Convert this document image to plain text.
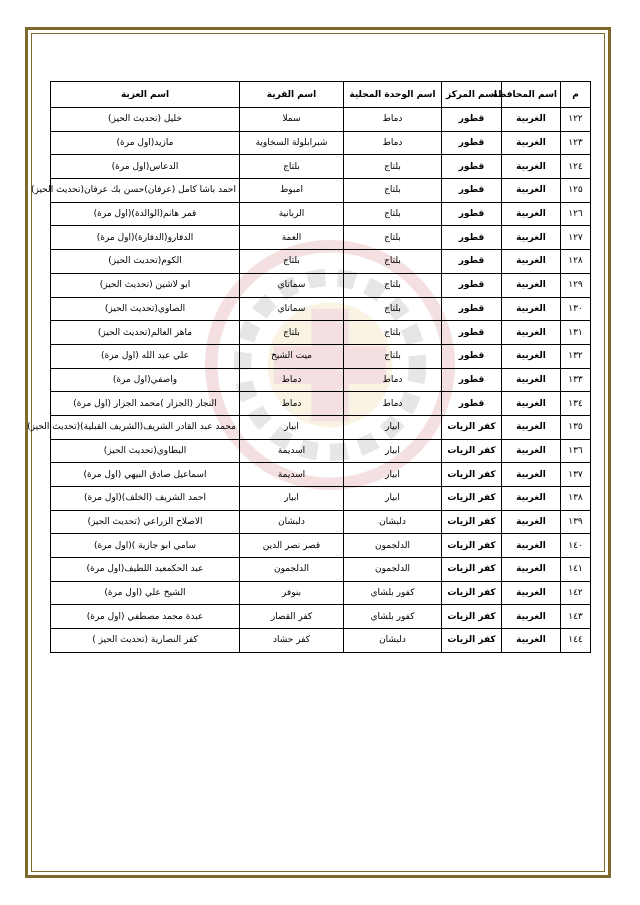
م	اسم المحافظة	اسم المركز	اسم الوحدة المحلية	اسم القرية	اسم العزبة
١٢٢	الغربية	قطور	دماط	سملا	خليل (تحديث الحيز)
١٢٣	الغربية	قطور	دماط	شبرابلولة السخاوية	مازيد(اول مرة)
١٢٤	الغربية	قطور	بلتاج	بلتاج	الدعاس(اول مرة)
١٢٥	الغربية	قطور	بلتاج	امبوط	احمد باشا كامل (عرفان)حسن بك عرفان(تحديث الحيز)
١٢٦	الغربية	قطور	بلتاج	الربانية	قمر هانم(الوالدة)(اول مرة)
١٢٧	الغربية	قطور	بلتاج	العمة	الدفارو(الدفارة)(اول مرة)
١٢٨	الغربية	قطور	بلتاج	بلتاج	الكوم(تحديث الحيز)
١٢٩	الغربية	قطور	بلتاج	سماتاي	ابو لاشين (تحديث الحيز)
١٣٠	الغربية	قطور	بلتاج	سماتاي	الصاوي(تحديث الحيز)
١٣١	الغربية	قطور	بلتاج	بلتاج	ماهر العالم(تحديث الحيز)
١٣٢	الغربية	قطور	بلتاج	ميت الشيخ	علي عبد الله (اول مرة)
١٣٣	الغربية	قطور	دماط	دماط	واصفي(اول مرة)
١٣٤	الغربية	قطور	دماط	دماط	النجار (الجزار )محمد الجزار (اول مرة)
١٣٥	الغربية	كفر الزيات	ابيار	ابيار	محمد عبد القادر الشريف(الشريف القبلية)(تحديث الحيز)
١٣٦	الغربية	كفر الزيات	ابيار	اسديمة	البطاوي(تحديث الحيز)
١٣٧	الغربية	كفر الزيات	ابيار	اسديمة	اسماعيل صادق البيهي (اول مرة)
١٣٨	الغربية	كفر الزيات	ابيار	ابيار	احمد الشريف (الخلف)(اول مرة)
١٣٩	الغربية	كفر الزيات	دلبشان	دلبشان	الاصلاح الزراعي (تحديث الحيز)
١٤٠	الغربية	كفر الزيات	الدلجمون	قصر نصر الدين	سامي ابو جازية )(اول مرة)
١٤١	الغربية	كفر الزيات	الدلجمون	الدلجمون	عبد الحكمعيد اللطيف(اول مرة)
١٤٢	الغربية	كفر الزيات	كفور بلشاي	بنوفر	الشيخ علي (اول مرة)
١٤٣	الغربية	كفر الزيات	كفور بلشاي	كفر القصار	عبدة محمد مصطفي (اول مرة)
١٤٤	الغربية	كفر الزيات	دلبشان	كفر حشاد	كفر النصارية (تحديث الحيز )
